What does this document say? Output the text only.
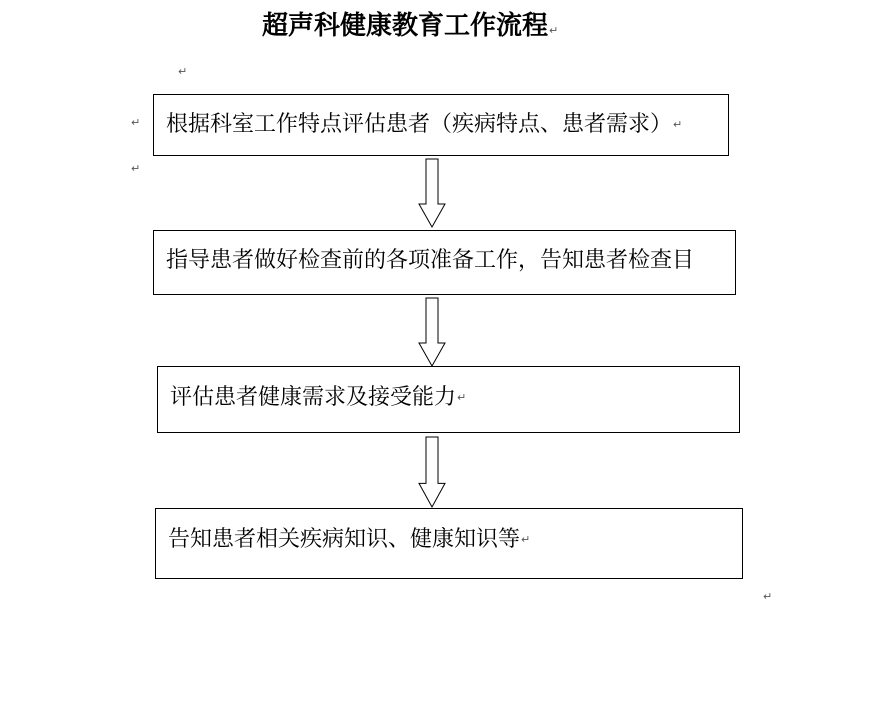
超声科健康教育工作流程↵
↵
↵
↵
↵
根据科室工作特点评估患者（疾病特点、患者需求） ↵
指导患者做好检查前的各项准备工作，告知患者检查目
评估患者健康需求及接受能力 ↵
告知患者相关疾病知识、健康知识等 ↵
